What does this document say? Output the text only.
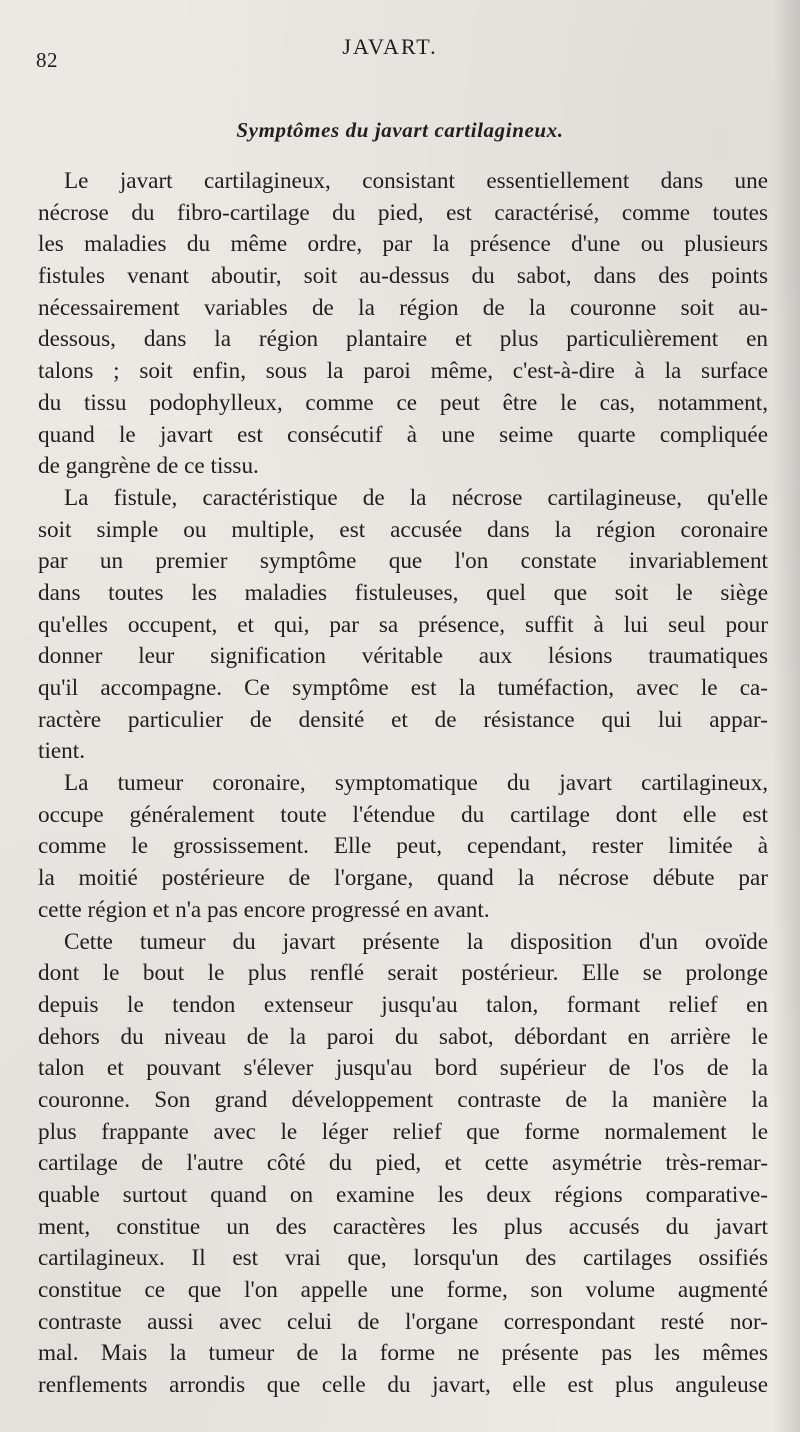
82
JAVART.
Symptômes du javart cartilagineux.
Le javart cartilagineux, consistant essentiellement dans une
nécrose du fibro-cartilage du pied, est caractérisé, comme toutes
les maladies du même ordre, par la présence d'une ou plusieurs
fistules venant aboutir, soit au-dessus du sabot, dans des points
nécessairement variables de la région de la couronne soit au-
dessous, dans la région plantaire et plus particulièrement en
talons ; soit enfin, sous la paroi même, c'est-à-dire à la surface
du tissu podophylleux, comme ce peut être le cas, notamment,
quand le javart est consécutif à une seime quarte compliquée
de gangrène de ce tissu.
La fistule, caractéristique de la nécrose cartilagineuse, qu'elle
soit simple ou multiple, est accusée dans la région coronaire
par un premier symptôme que l'on constate invariablement
dans toutes les maladies fistuleuses, quel que soit le siège
qu'elles occupent, et qui, par sa présence, suffit à lui seul pour
donner leur signification véritable aux lésions traumatiques
qu'il accompagne. Ce symptôme est la tuméfaction, avec le ca-
ractère particulier de densité et de résistance qui lui appar-
tient.
La tumeur coronaire, symptomatique du javart cartilagineux,
occupe généralement toute l'étendue du cartilage dont elle est
comme le grossissement. Elle peut, cependant, rester limitée à
la moitié postérieure de l'organe, quand la nécrose débute par
cette région et n'a pas encore progressé en avant.
Cette tumeur du javart présente la disposition d'un ovoïde
dont le bout le plus renflé serait postérieur. Elle se prolonge
depuis le tendon extenseur jusqu'au talon, formant relief en
dehors du niveau de la paroi du sabot, débordant en arrière le
talon et pouvant s'élever jusqu'au bord supérieur de l'os de la
couronne. Son grand développement contraste de la manière la
plus frappante avec le léger relief que forme normalement le
cartilage de l'autre côté du pied, et cette asymétrie très-remar-
quable surtout quand on examine les deux régions comparative-
ment, constitue un des caractères les plus accusés du javart
cartilagineux. Il est vrai que, lorsqu'un des cartilages ossifiés
constitue ce que l'on appelle une forme, son volume augmenté
contraste aussi avec celui de l'organe correspondant resté nor-
mal. Mais la tumeur de la forme ne présente pas les mêmes
renflements arrondis que celle du javart, elle est plus anguleuse
